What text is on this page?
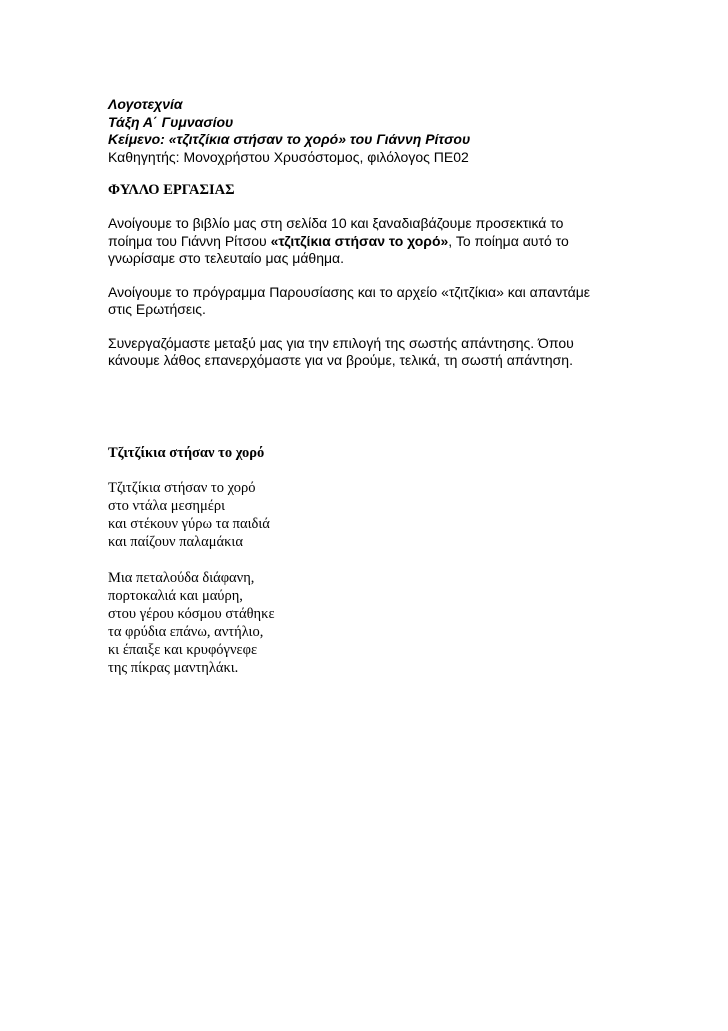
Λογοτεχνία
Τάξη Α΄ Γυμνασίου
Κείμενο: «τζιτζίκια στήσαν το χορό» του Γιάννη Ρίτσου
Καθηγητής: Μονοχρήστου Χρυσόστομος, φιλόλογος ΠΕ02
ΦΥΛΛΟ ΕΡΓΑΣΙΑΣ
Ανοίγουμε το βιβλίο μας στη σελίδα 10 και ξαναδιαβάζουμε προσεκτικά το
ποίημα του Γιάννη Ρίτσου «τζιτζίκια στήσαν το χορό», Το ποίημα αυτό το
γνωρίσαμε στο τελευταίο μας μάθημα.
Ανοίγουμε το πρόγραμμα Παρουσίασης και το αρχείο «τζιτζίκια» και απαντάμε
στις Ερωτήσεις.
Συνεργαζόμαστε μεταξύ μας για την επιλογή της σωστής απάντησης. Όπου
κάνουμε λάθος επανερχόμαστε για να βρούμε, τελικά, τη σωστή απάντηση.
Τζιτζίκια στήσαν το χορό
Τζιτζίκια στήσαν το χορό
στο ντάλα μεσημέρι
και στέκουν γύρω τα παιδιά
και παίζουν παλαμάκια
Μια πεταλούδα διάφανη,
πορτοκαλιά και μαύρη,
στου γέρου κόσμου στάθηκε
τα φρύδια επάνω, αντήλιο,
κι έπαιξε και κρυφόγνεφε
της πίκρας μαντηλάκι.
